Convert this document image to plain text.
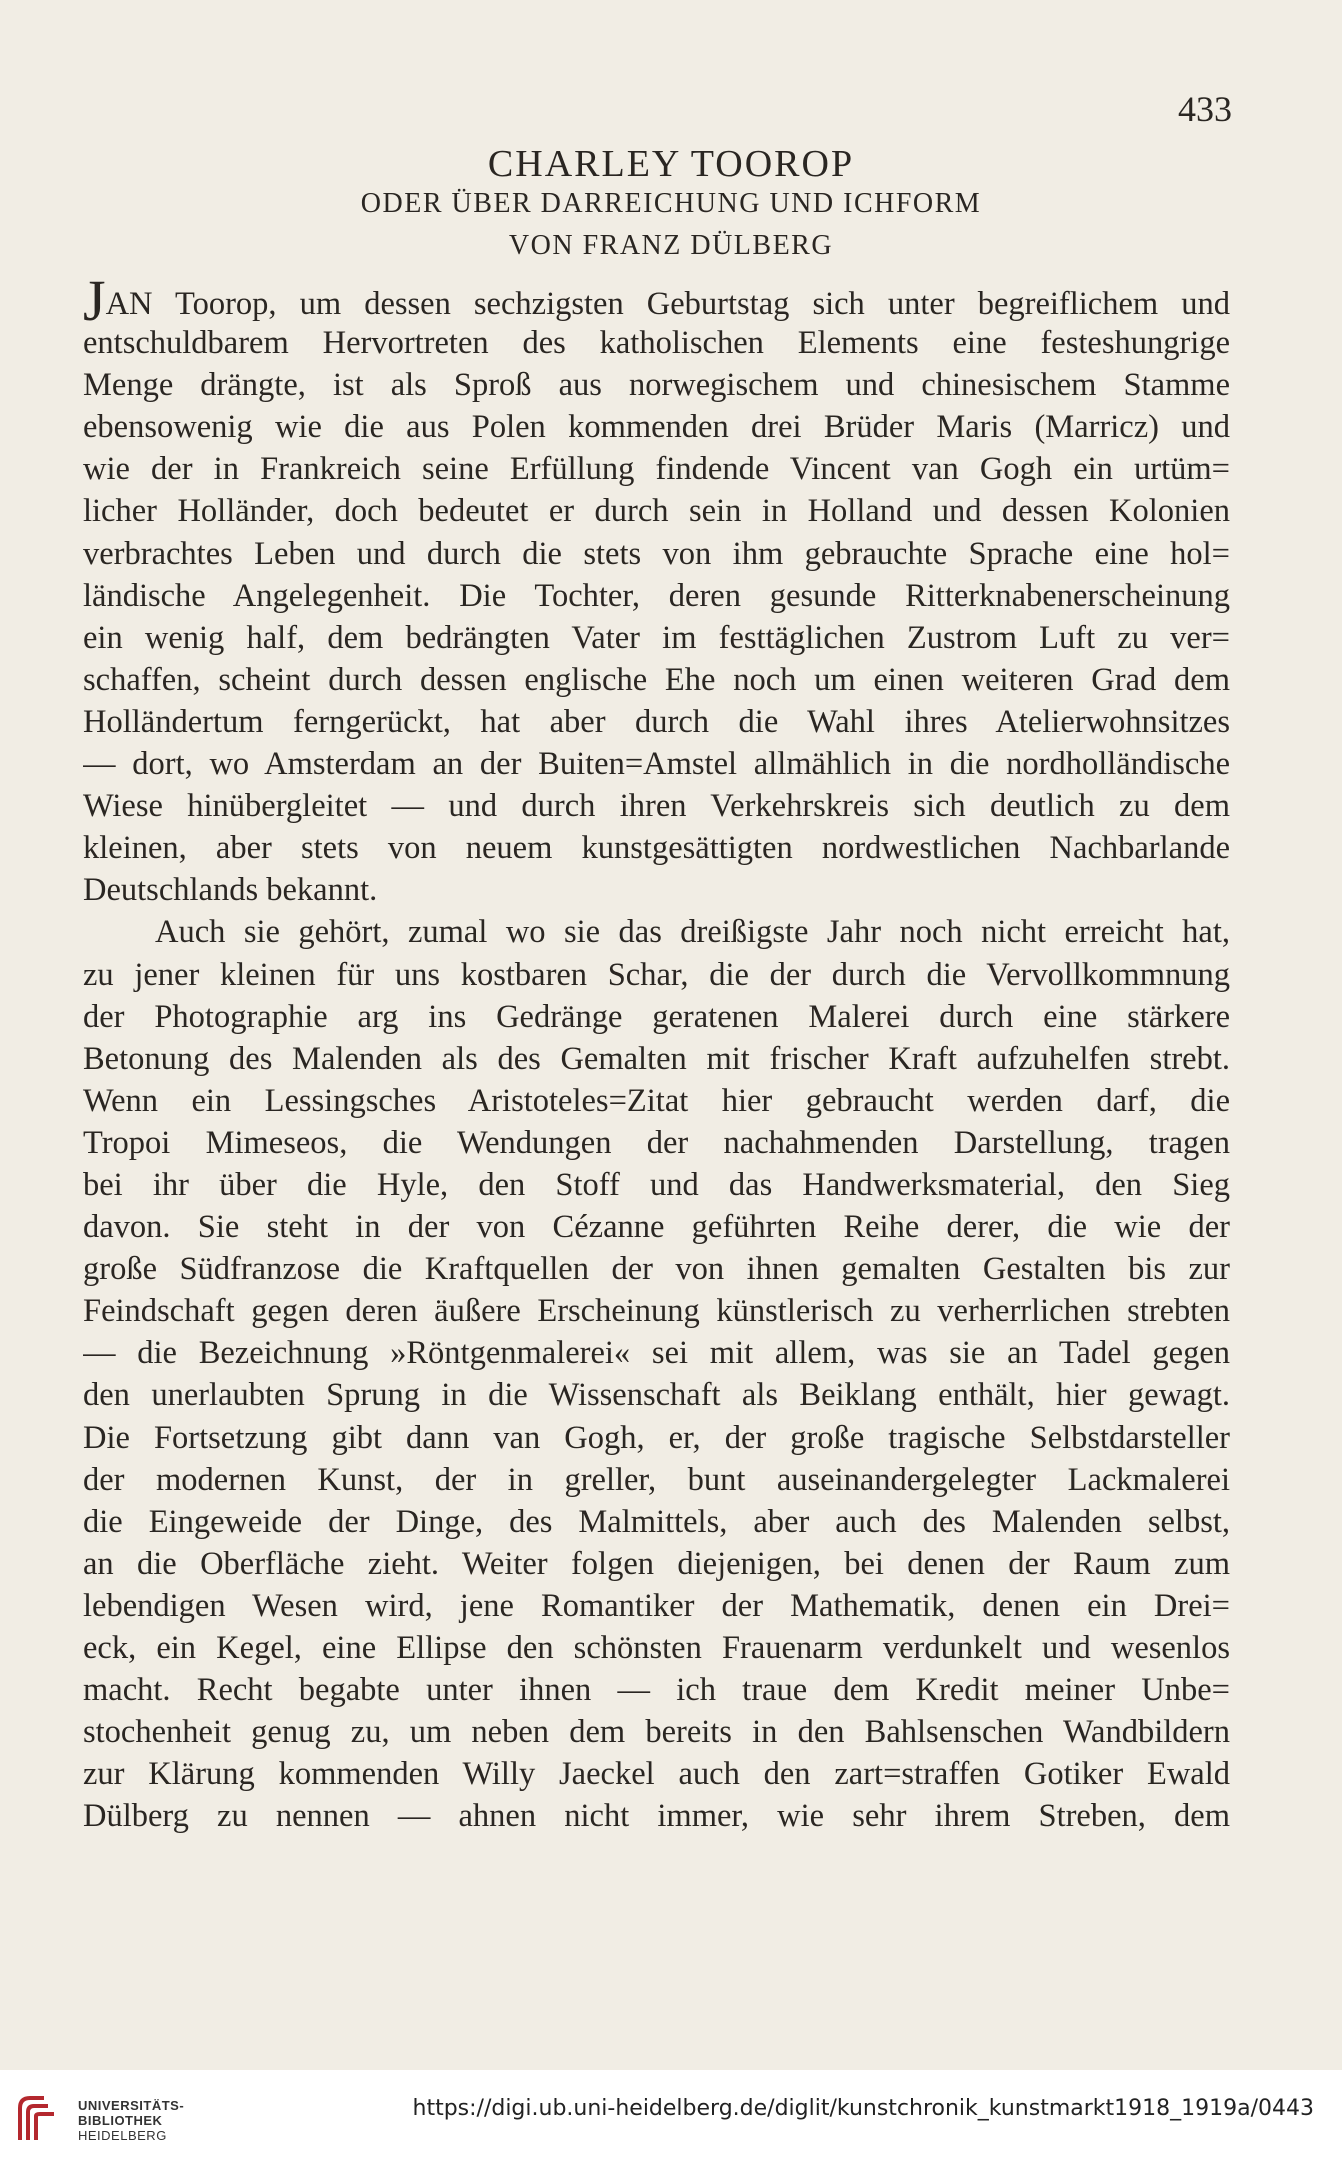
433
CHARLEY TOOROP
ODER ÜBER DARREICHUNG UND ICHFORM
VON FRANZ DÜLBERG
JAN Toorop, um dessen sechzigsten Geburtstag sich unter begreiflichem und
entschuldbarem Hervortreten des katholischen Elements eine festeshungrige
Menge drängte, ist als Sproß aus norwegischem und chinesischem Stamme
ebensowenig wie die aus Polen kommenden drei Brüder Maris (Marricz) und
wie der in Frankreich seine Erfüllung findende Vincent van Gogh ein urtüm=
licher Holländer, doch bedeutet er durch sein in Holland und dessen Kolonien
verbrachtes Leben und durch die stets von ihm gebrauchte Sprache eine hol=
ländische Angelegenheit. Die Tochter, deren gesunde Ritterknabenerscheinung
ein wenig half, dem bedrängten Vater im festtäglichen Zustrom Luft zu ver=
schaffen, scheint durch dessen englische Ehe noch um einen weiteren Grad dem
Holländertum ferngerückt, hat aber durch die Wahl ihres Atelierwohnsitzes
— dort, wo Amsterdam an der Buiten=Amstel allmählich in die nordholländische
Wiese hinübergleitet — und durch ihren Verkehrskreis sich deutlich zu dem
kleinen, aber stets von neuem kunstgesättigten nordwestlichen Nachbarlande
Deutschlands bekannt.
Auch sie gehört, zumal wo sie das dreißigste Jahr noch nicht erreicht hat,
zu jener kleinen für uns kostbaren Schar, die der durch die Vervollkommnung
der Photographie arg ins Gedränge geratenen Malerei durch eine stärkere
Betonung des Malenden als des Gemalten mit frischer Kraft aufzuhelfen strebt.
Wenn ein Lessingsches Aristoteles=Zitat hier gebraucht werden darf, die
Tropoi Mimeseos, die Wendungen der nachahmenden Darstellung, tragen
bei ihr über die Hyle, den Stoff und das Handwerksmaterial, den Sieg
davon. Sie steht in der von Cézanne geführten Reihe derer, die wie der
große Südfranzose die Kraftquellen der von ihnen gemalten Gestalten bis zur
Feindschaft gegen deren äußere Erscheinung künstlerisch zu verherrlichen strebten
— die Bezeichnung »Röntgenmalerei« sei mit allem, was sie an Tadel gegen
den unerlaubten Sprung in die Wissenschaft als Beiklang enthält, hier gewagt.
Die Fortsetzung gibt dann van Gogh, er, der große tragische Selbstdarsteller
der modernen Kunst, der in greller, bunt auseinandergelegter Lackmalerei
die Eingeweide der Dinge, des Malmittels, aber auch des Malenden selbst,
an die Oberfläche zieht. Weiter folgen diejenigen, bei denen der Raum zum
lebendigen Wesen wird, jene Romantiker der Mathematik, denen ein Drei=
eck, ein Kegel, eine Ellipse den schönsten Frauenarm verdunkelt und wesenlos
macht. Recht begabte unter ihnen — ich traue dem Kredit meiner Unbe=
stochenheit genug zu, um neben dem bereits in den Bahlsenschen Wandbildern
zur Klärung kommenden Willy Jaeckel auch den zart=straffen Gotiker Ewald
Dülberg zu nennen — ahnen nicht immer, wie sehr ihrem Streben, dem
UNIVERSITÄTS-
BIBLIOTHEK
HEIDELBERG
https://digi.ub.uni-heidelberg.de/diglit/kunstchronik_kunstmarkt1918_1919a/0443
